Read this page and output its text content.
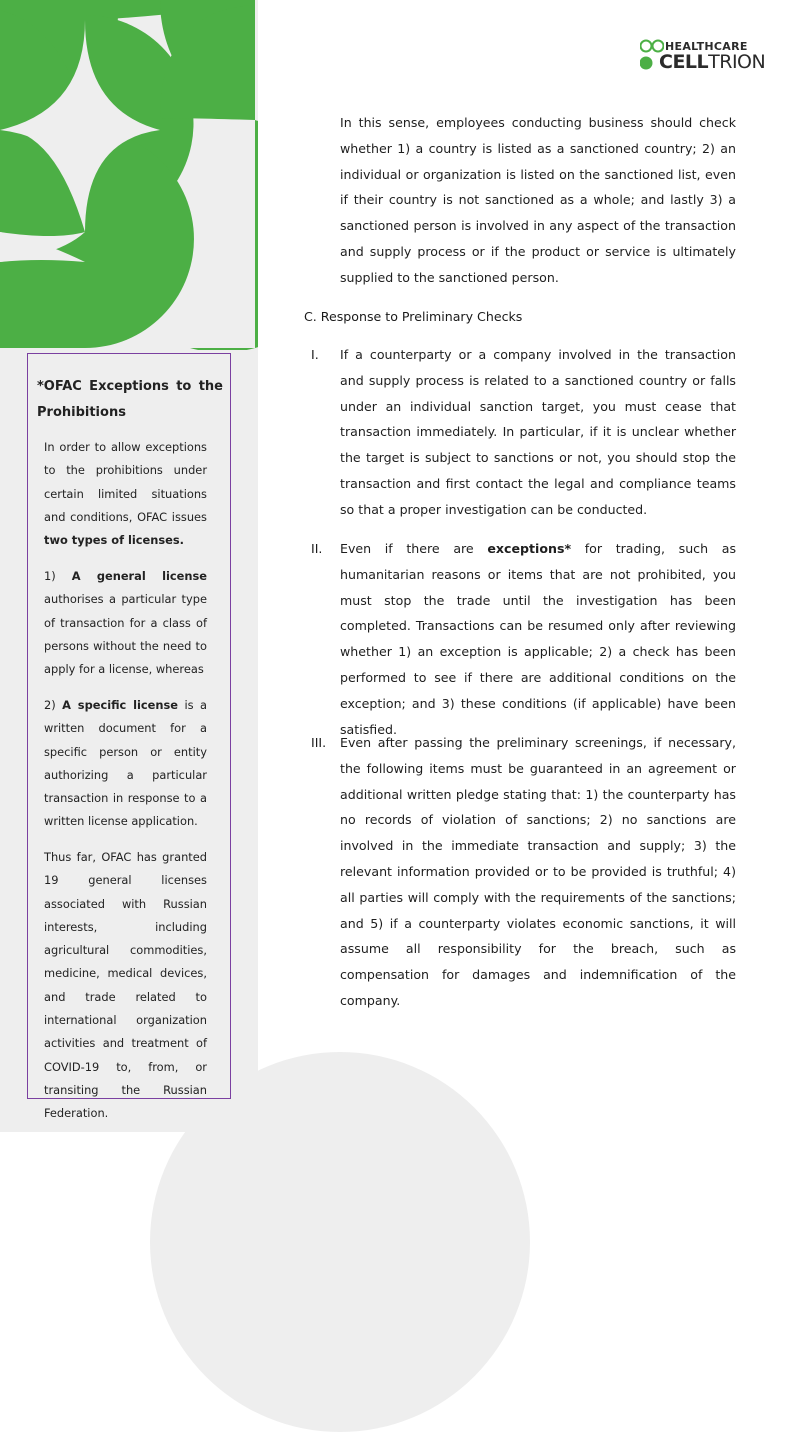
HEALTHCARE
CELLTRION
*OFAC Exceptions to the Prohibitions
In order to allow exceptions to the prohibitions under certain limited situations and conditions, OFAC issues two types of licenses.
1) A general license authorises a particular type of transaction for a class of persons without the need to apply for a license, whereas
2) A specific license is a written document for a specific person or entity authorizing a particular transaction in response to a written license application.
Thus far, OFAC has granted 19 general licenses associated with Russian interests, including agricultural commodities, medicine, medical devices, and trade related to international organization activities and treatment of COVID-19 to, from, or transiting the Russian Federation.
In this sense, employees conducting business should check whether 1) a country is listed as a sanctioned country; 2) an individual or organization is listed on the sanctioned list, even if their country is not sanctioned as a whole; and lastly 3) a sanctioned person is involved in any aspect of the transaction and supply process or if the product or service is ultimately supplied to the sanctioned person.
C. Response to Preliminary Checks
I. If a counterparty or a company involved in the transaction and supply process is related to a sanctioned country or falls under an individual sanction target, you must cease that transaction immediately. In particular, if it is unclear whether the target is subject to sanctions or not, you should stop the transaction and first contact the legal and compliance teams so that a proper investigation can be conducted.
II. Even if there are exceptions* for trading, such as humanitarian reasons or items that are not prohibited, you must stop the trade until the investigation has been completed. Transactions can be resumed only after reviewing whether 1) an exception is applicable; 2) a check has been performed to see if there are additional conditions on the exception; and 3) these conditions (if applicable) have been satisfied.
III. Even after passing the preliminary screenings, if necessary, the following items must be guaranteed in an agreement or additional written pledge stating that: 1) the counterparty has no records of violation of sanctions; 2) no sanctions are involved in the immediate transaction and supply; 3) the relevant information provided or to be provided is truthful; 4) all parties will comply with the requirements of the sanctions; and 5) if a counterparty violates economic sanctions, it will assume all responsibility for the breach, such as compensation for damages and indemnification of the company.
